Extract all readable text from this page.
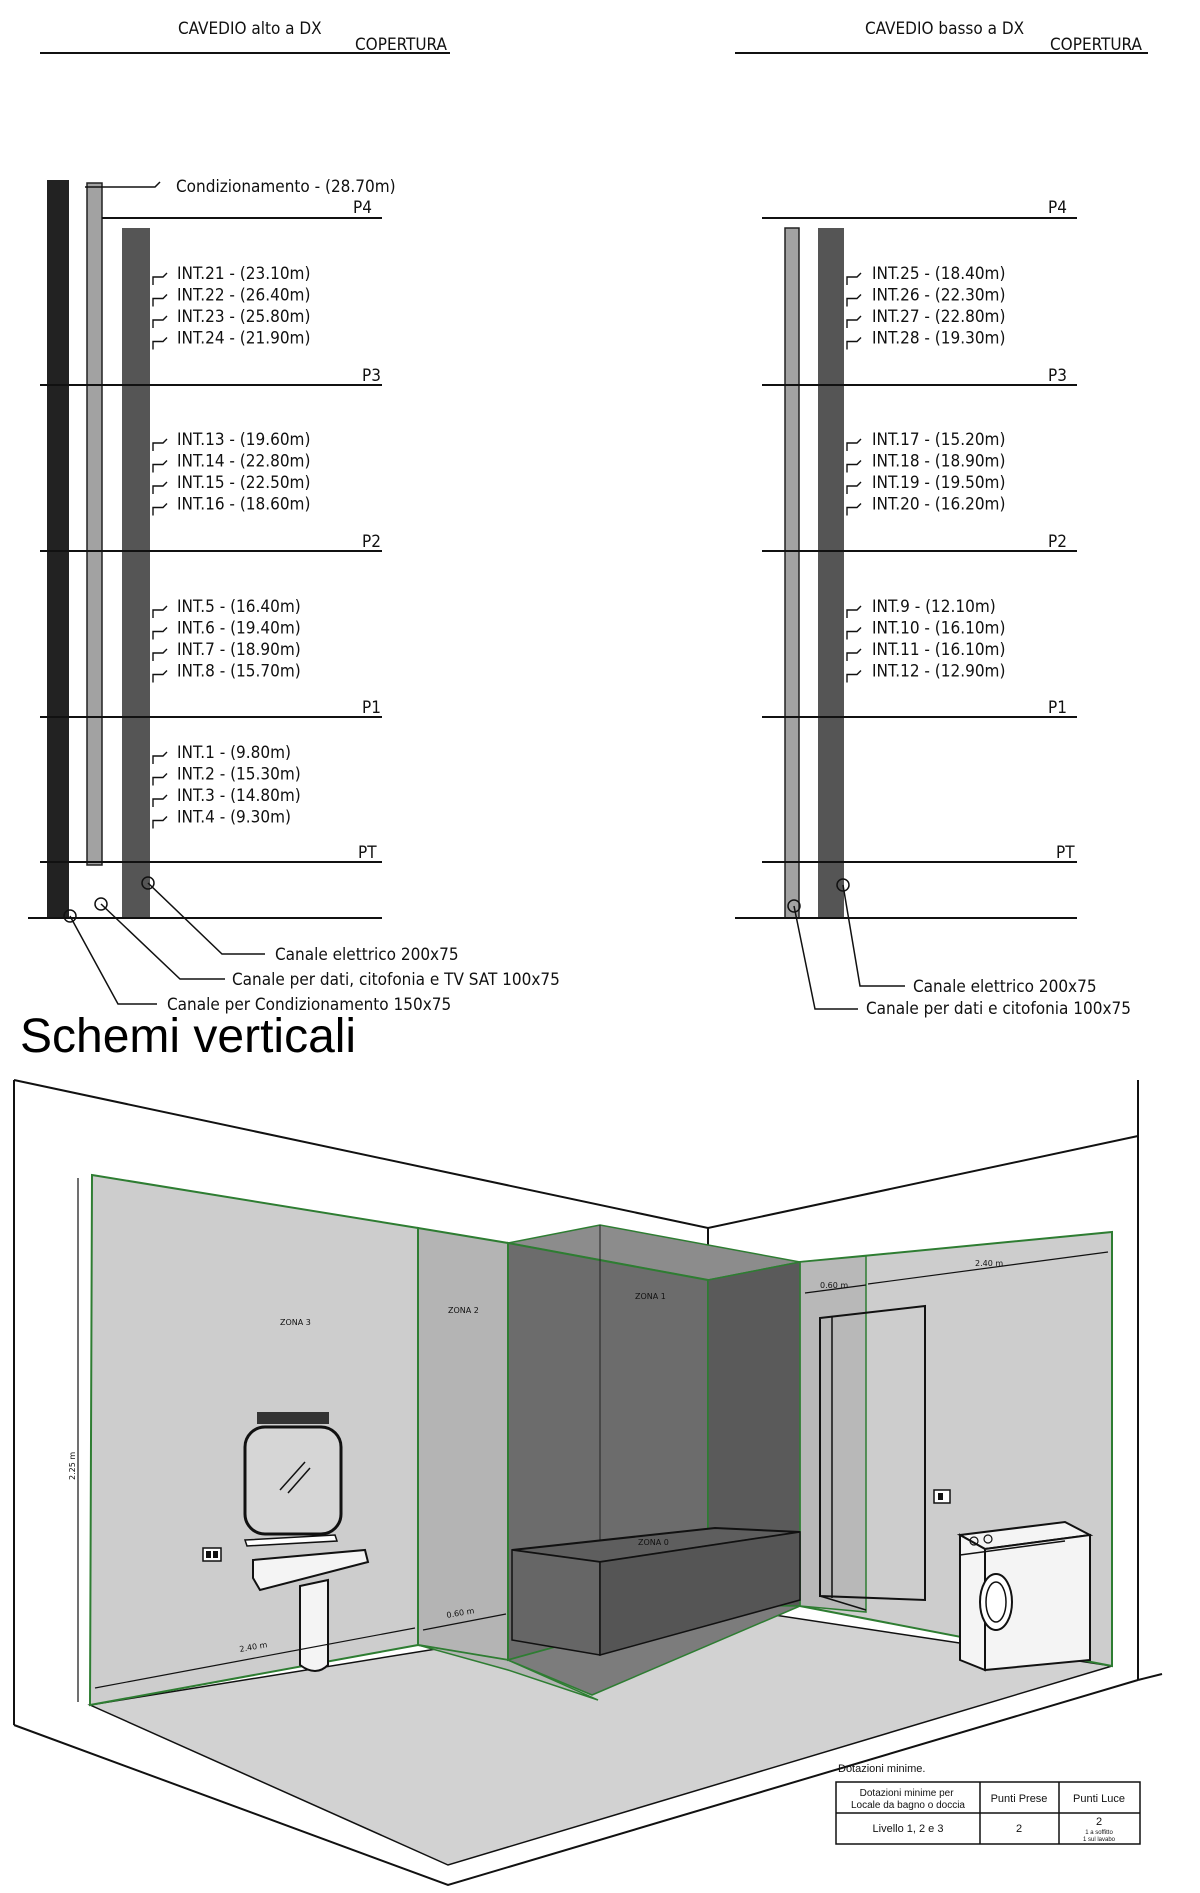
CAVEDIO alto a DX
COPERTURA
P4
P3
P2
P1
PT
Condizionamento - (28.70m)
INT.21 - (23.10m)
INT.22 - (26.40m)
INT.23 - (25.80m)
INT.24 - (21.90m)
INT.13 - (19.60m)
INT.14 - (22.80m)
INT.15 - (22.50m)
INT.16 - (18.60m)
INT.5 - (16.40m)
INT.6 - (19.40m)
INT.7 - (18.90m)
INT.8 - (15.70m)
INT.1 - (9.80m)
INT.2 - (15.30m)
INT.3 - (14.80m)
INT.4 - (9.30m)
Canale elettrico 200x75
Canale per dati, citofonia e TV SAT 100x75
Canale per Condizionamento 150x75
CAVEDIO basso a DX
COPERTURA
P4
P3
P2
P1
PT
INT.25 - (18.40m)
INT.26 - (22.30m)
INT.27 - (22.80m)
INT.28 - (19.30m)
INT.17 - (15.20m)
INT.18 - (18.90m)
INT.19 - (19.50m)
INT.20 - (16.20m)
INT.9 - (12.10m)
INT.10 - (16.10m)
INT.11 - (16.10m)
INT.12 - (12.90m)
Canale elettrico 200x75
Canale per dati e citofonia 100x75
Schemi verticali
2.25 m
2.40 m
0.60 m
0.60 m
2.40 m
ZONA 3
ZONA 2
ZONA 1
ZONA 0
Dotazioni minime.
Dotazioni minime per Locale da bagno o doccia
Punti Prese Punti Luce
Livello 1, 2 e 3	2
2
1 a soffitto
1 sul lavabo
